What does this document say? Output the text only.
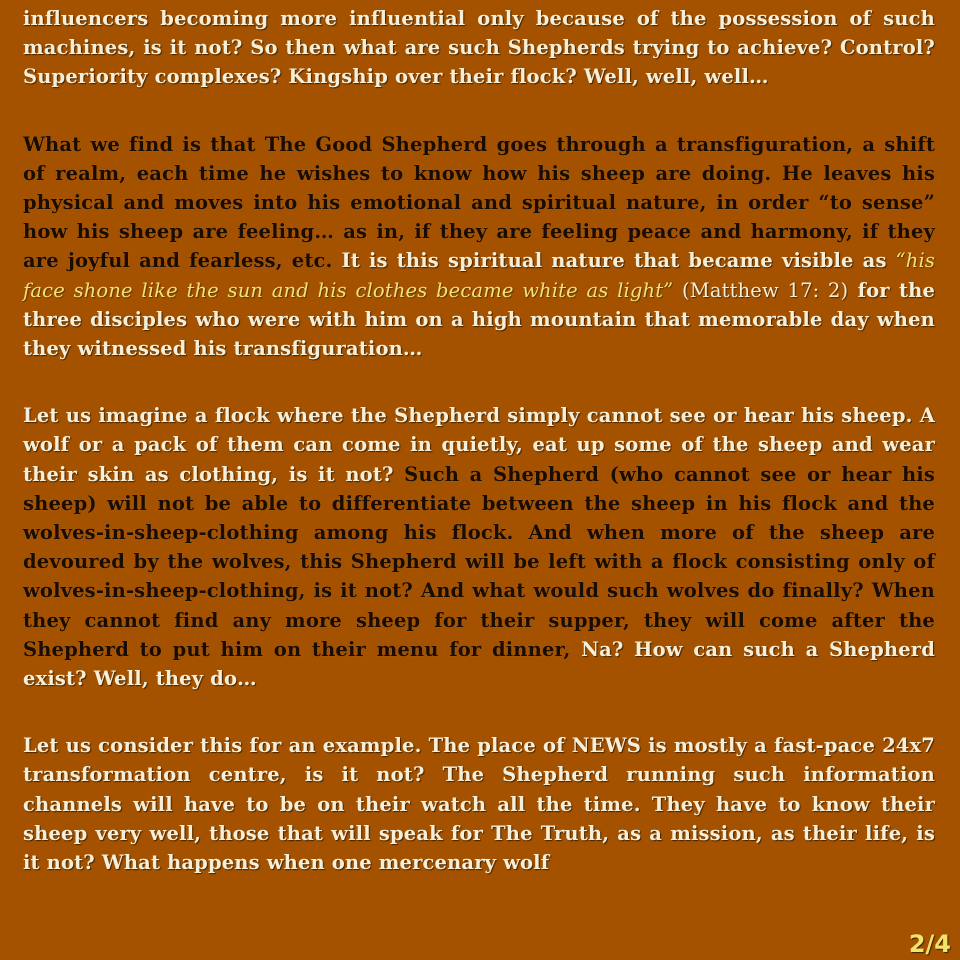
influencers becoming more influential only because of the possession of such machines, is it not? So then what are such Shepherds trying to achieve? Control? Superiority complexes? Kingship over their flock? Well, well, well…

What we find is that The Good Shepherd goes through a transfiguration, a shift of realm, each time he wishes to know how his sheep are doing. He leaves his physical and moves into his emotional and spiritual nature, in order “to sense” how his sheep are feeling… as in, if they are feeling peace and harmony, if they are joyful and fearless, etc. It is this spiritual nature that became visible as “his face shone like the sun and his clothes became white as light” (Matthew 17: 2) for the three disciples who were with him on a high mountain that memorable day when they witnessed his transfiguration…

Let us imagine a flock where the Shepherd simply cannot see or hear his sheep. A wolf or a pack of them can come in quietly, eat up some of the sheep and wear their skin as clothing, is it not? Such a Shepherd (who cannot see or hear his sheep) will not be able to differentiate between the sheep in his flock and the wolves-in-sheep-clothing among his flock. And when more of the sheep are devoured by the wolves, this Shepherd will be left with a flock consisting only of wolves-in-sheep-clothing, is it not? And what would such wolves do finally? When they cannot find any more sheep for their supper, they will come after the Shepherd to put him on their menu for dinner, Na? How can such a Shepherd exist? Well, they do…

Let us consider this for an example. The place of NEWS is mostly a fast-pace 24x7 transformation centre, is it not? The Shepherd running such information channels will have to be on their watch all the time. They have to know their sheep very well, those that will speak for The Truth, as a mission, as their life, is it not? What happens when one mercenary wolf

2/4
